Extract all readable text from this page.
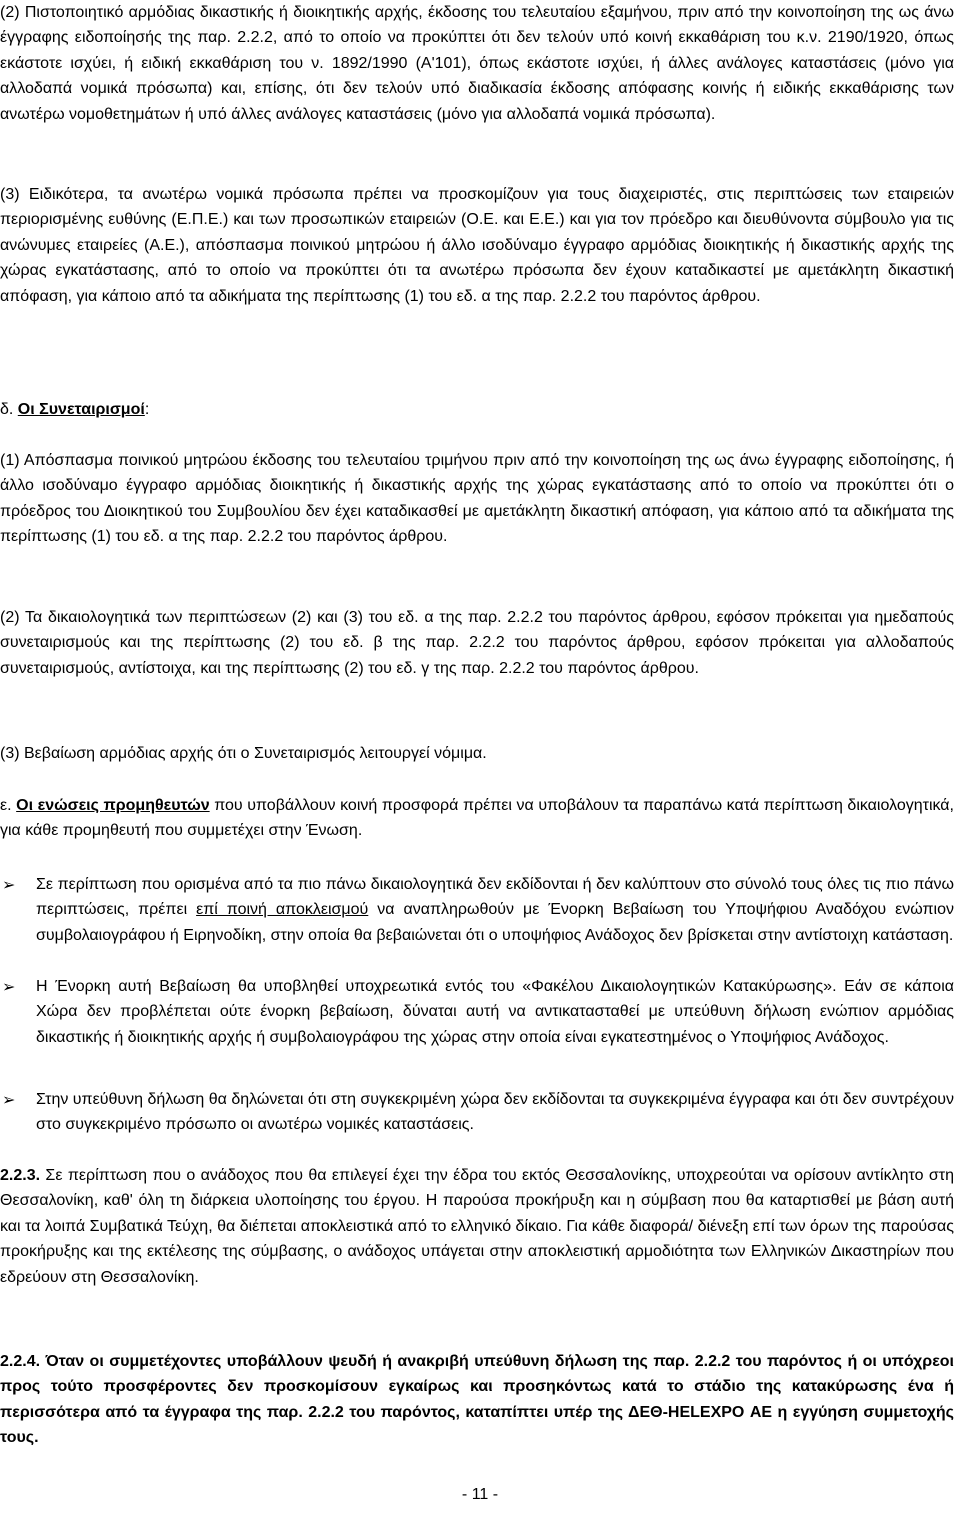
(2) Πιστοποιητικό αρμόδιας δικαστικής ή διοικητικής αρχής, έκδοσης του τελευταίου εξαμήνου, πριν από την κοινοποίηση της ως άνω έγγραφης ειδοποίησής της παρ. 2.2.2, από το οποίο να προκύπτει ότι δεν τελούν υπό κοινή εκκαθάριση του κ.ν. 2190/1920, όπως εκάστοτε ισχύει, ή ειδική εκκαθάριση του ν. 1892/1990 (Α'101), όπως εκάστοτε ισχύει, ή άλλες ανάλογες καταστάσεις (μόνο για αλλοδαπά νομικά πρόσωπα) και, επίσης, ότι δεν τελούν υπό διαδικασία έκδοσης απόφασης κοινής ή ειδικής εκκαθάρισης των ανωτέρω νομοθετημάτων ή υπό άλλες ανάλογες καταστάσεις (μόνο για αλλοδαπά νομικά πρόσωπα).

(3) Ειδικότερα, τα ανωτέρω νομικά πρόσωπα πρέπει να προσκομίζουν για τους διαχειριστές, στις περιπτώσεις των εταιρειών περιορισμένης ευθύνης (Ε.Π.Ε.) και των προσωπικών εταιρειών (Ο.Ε. και Ε.Ε.) και για τον πρόεδρο και διευθύνοντα σύμβουλο για τις ανώνυμες εταιρείες (Α.Ε.), απόσπασμα ποινικού μητρώου ή άλλο ισοδύναμο έγγραφο αρμόδιας διοικητικής ή δικαστικής αρχής της χώρας εγκατάστασης, από το οποίο να προκύπτει ότι τα ανωτέρω πρόσωπα δεν έχουν καταδικαστεί με αμετάκλητη δικαστική απόφαση, για κάποιο από τα αδικήματα της περίπτωσης (1) του εδ. α της παρ. 2.2.2 του παρόντος άρθρου.

δ. Οι Συνεταιρισμοί:

(1) Απόσπασμα ποινικού μητρώου έκδοσης του τελευταίου τριμήνου πριν από την κοινοποίηση της ως άνω έγγραφης ειδοποίησης, ή άλλο ισοδύναμο έγγραφο αρμόδιας διοικητικής ή δικαστικής αρχής της χώρας εγκατάστασης από το οποίο να προκύπτει ότι ο πρόεδρος του Διοικητικού του Συμβουλίου δεν έχει καταδικασθεί με αμετάκλητη δικαστική απόφαση, για κάποιο από τα αδικήματα της περίπτωσης (1) του εδ. α της παρ. 2.2.2 του παρόντος άρθρου.

(2) Τα δικαιολογητικά των περιπτώσεων (2) και (3) του εδ. α της παρ. 2.2.2 του παρόντος άρθρου, εφόσον πρόκειται για ημεδαπούς συνεταιρισμούς και της περίπτωσης (2) του εδ. β της παρ. 2.2.2 του παρόντος άρθρου, εφόσον πρόκειται για αλλοδαπούς συνεταιρισμούς, αντίστοιχα, και της περίπτωσης (2) του εδ. γ της παρ. 2.2.2 του παρόντος άρθρου.

(3) Βεβαίωση αρμόδιας αρχής ότι ο Συνεταιρισμός λειτουργεί νόμιμα.

ε. Οι ενώσεις προμηθευτών που υποβάλλουν κοινή προσφορά πρέπει να υποβάλουν τα παραπάνω κατά περίπτωση δικαιολογητικά, για κάθε προμηθευτή που συμμετέχει στην Ένωση.

➢ Σε περίπτωση που ορισμένα από τα πιο πάνω δικαιολογητικά δεν εκδίδονται ή δεν καλύπτουν στο σύνολό τους όλες τις πιο πάνω περιπτώσεις, πρέπει επί ποινή αποκλεισμού να αναπληρωθούν με Ένορκη Βεβαίωση του Υποψήφιου Αναδόχου ενώπιον συμβολαιογράφου ή Ειρηνοδίκη, στην οποία θα βεβαιώνεται ότι ο υποψήφιος Ανάδοχος δεν βρίσκεται στην αντίστοιχη κατάσταση.
➢ Η Ένορκη αυτή Βεβαίωση θα υποβληθεί υποχρεωτικά εντός του «Φακέλου Δικαιολογητικών Κατακύρωσης». Εάν σε κάποια Χώρα δεν προβλέπεται ούτε ένορκη βεβαίωση, δύναται αυτή να αντικατασταθεί με υπεύθυνη δήλωση ενώπιον αρμόδιας δικαστικής ή διοικητικής αρχής ή συμβολαιογράφου της χώρας στην οποία είναι εγκατεστημένος ο Υποψήφιος Ανάδοχος.
➢ Στην υπεύθυνη δήλωση θα δηλώνεται ότι στη συγκεκριμένη χώρα δεν εκδίδονται τα συγκεκριμένα έγγραφα και ότι δεν συντρέχουν στο συγκεκριμένο πρόσωπο οι ανωτέρω νομικές καταστάσεις.

2.2.3. Σε περίπτωση που ο ανάδοχος που θα επιλεγεί έχει την έδρα του εκτός Θεσσαλονίκης, υποχρεούται να ορίσουν αντίκλητο στη Θεσσαλονίκη, καθ' όλη τη διάρκεια υλοποίησης του έργου. Η παρούσα προκήρυξη και η σύμβαση που θα καταρτισθεί με βάση αυτή και τα λοιπά Συμβατικά Τεύχη, θα διέπεται αποκλειστικά από το ελληνικό δίκαιο. Για κάθε διαφορά/ διένεξη επί των όρων της παρούσας προκήρυξης και της εκτέλεσης της σύμβασης, ο ανάδοχος υπάγεται στην αποκλειστική αρμοδιότητα των Ελληνικών Δικαστηρίων που εδρεύουν στη Θεσσαλονίκη.

2.2.4. Όταν οι συμμετέχοντες υποβάλλουν ψευδή ή ανακριβή υπεύθυνη δήλωση της παρ. 2.2.2 του παρόντος ή οι υπόχρεοι προς τούτο προσφέροντες δεν προσκομίσουν εγκαίρως και προσηκόντως κατά το στάδιο της κατακύρωσης ένα ή περισσότερα από τα έγγραφα της παρ. 2.2.2 του παρόντος, καταπίπτει υπέρ της ΔΕΘ-HELEXPO ΑΕ η εγγύηση συμμετοχής τους.

- 11 -
